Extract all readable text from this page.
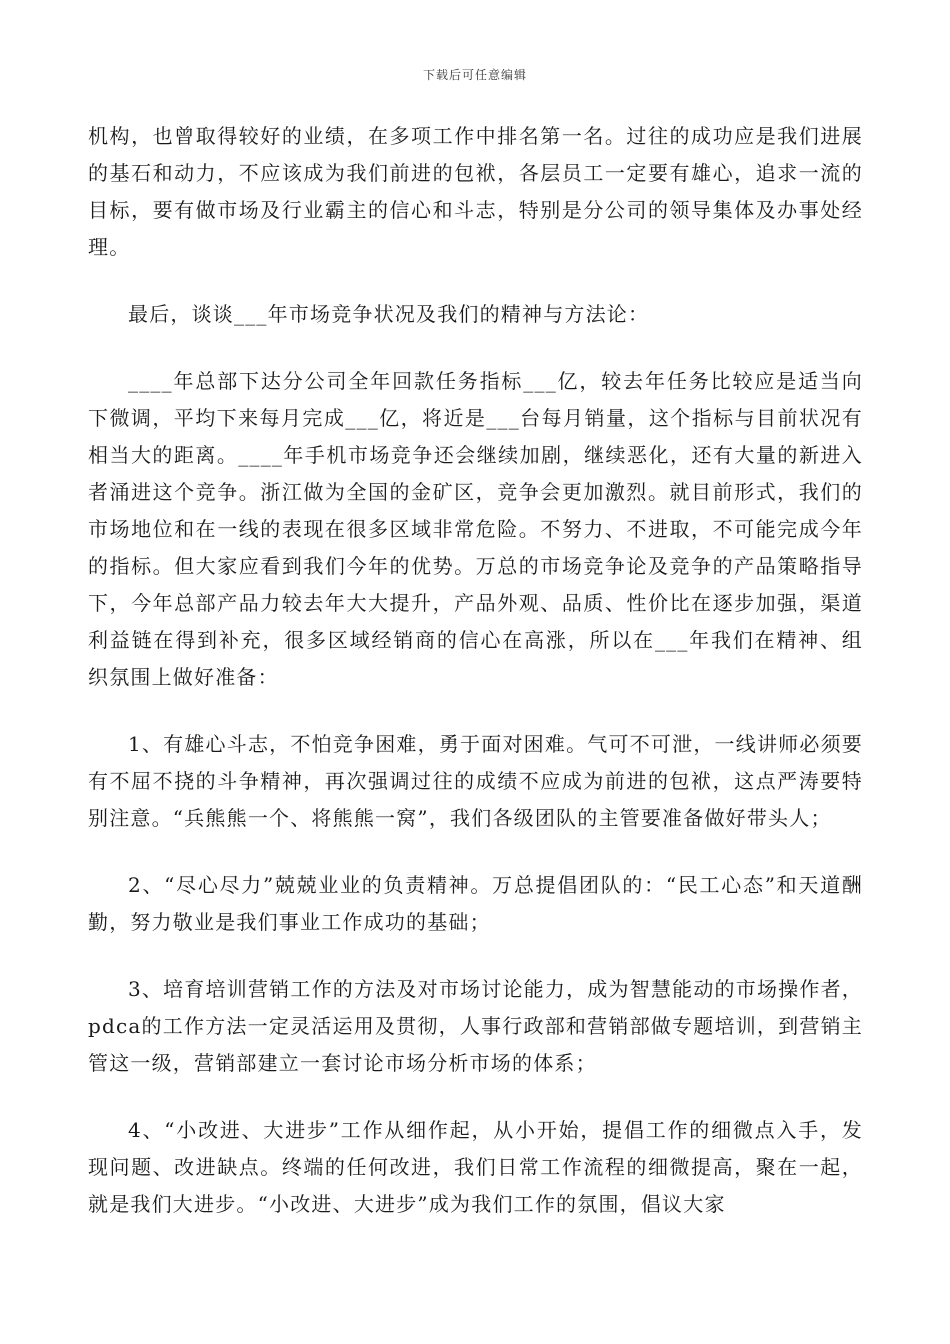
下载后可任意编辑

机构，也曾取得较好的业绩，在多项工作中排名第一名。过往的成功应是我们进展的基石和动力，不应该成为我们前进的包袱，各层员工一定要有雄心，追求一流的目标，要有做市场及行业霸主的信心和斗志，特别是分公司的领导集体及办事处经理。

最后，谈谈___年市场竞争状况及我们的精神与方法论：

____年总部下达分公司全年回款任务指标___亿，较去年任务比较应是适当向下微调，平均下来每月完成___亿，将近是___台每月销量，这个指标与目前状况有相当大的距离。____年手机市场竞争还会继续加剧，继续恶化，还有大量的新进入者涌进这个竞争。浙江做为全国的金矿区，竞争会更加激烈。就目前形式，我们的市场地位和在一线的表现在很多区域非常危险。不努力、不进取，不可能完成今年的指标。但大家应看到我们今年的优势。万总的市场竞争论及竞争的产品策略指导下，今年总部产品力较去年大大提升，产品外观、品质、性价比在逐步加强，渠道利益链在得到补充，很多区域经销商的信心在高涨，所以在___年我们在精神、组织氛围上做好准备：

1、有雄心斗志，不怕竞争困难，勇于面对困难。气可不可泄，一线讲师必须要有不屈不挠的斗争精神，再次强调过往的成绩不应成为前进的包袱，这点严涛要特别注意。“兵熊熊一个、将熊熊一窝”，我们各级团队的主管要准备做好带头人；

2、“尽心尽力”兢兢业业的负责精神。万总提倡团队的：“民工心态”和天道酬勤，努力敬业是我们事业工作成功的基础；

3、培育培训营销工作的方法及对市场讨论能力，成为智慧能动的市场操作者，pdca的工作方法一定灵活运用及贯彻，人事行政部和营销部做专题培训，到营销主管这一级，营销部建立一套讨论市场分析市场的体系；

4、“小改进、大进步”工作从细作起，从小开始，提倡工作的细微点入手，发现问题、改进缺点。终端的任何改进，我们日常工作流程的细微提高，聚在一起，就是我们大进步。“小改进、大进步”成为我们工作的氛围，倡议大家
